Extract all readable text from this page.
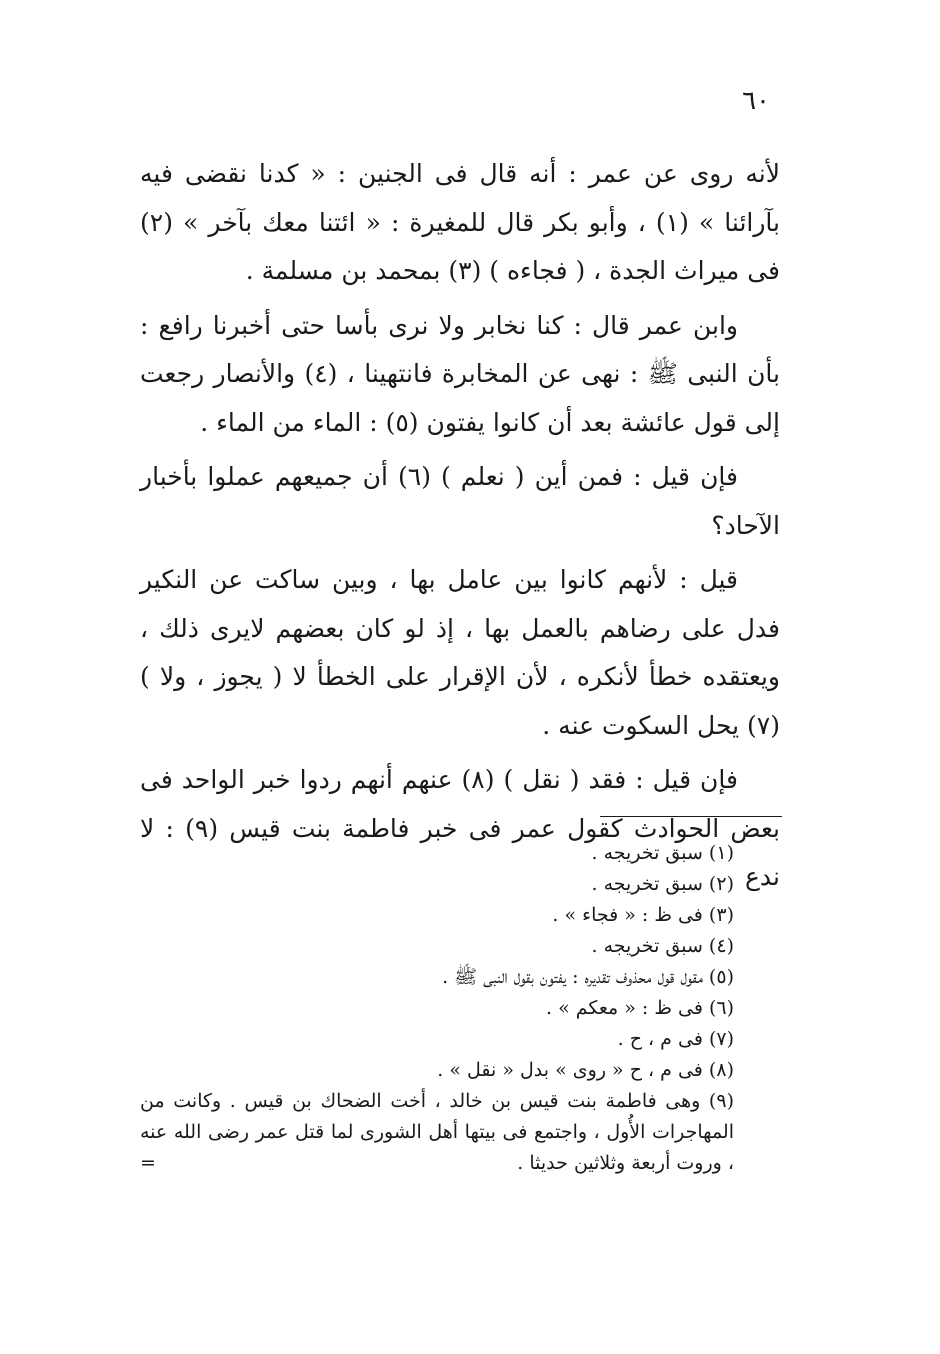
٦٠

لأنه روى عن عمر : أنه قال فى الجنين : « كدنا نقضى فيه بآرائنا » (١) ، وأبو بكر قال للمغيرة : « ائتنا معك بآخر » (٢) فى ميراث الجدة ، ( فجاءه ) (٣) بمحمد بن مسلمة .

وابن عمر قال : كنا نخابر ولا نرى بأسا حتى أخبرنا رافع : بأن النبى ﷺ : نهى عن المخابرة فانتهينا ، (٤) والأنصار رجعت إلى قول عائشة بعد أن كانوا يفتون (٥) : الماء من الماء .

فإن قيل : فمن أين ( نعلم ) (٦) أن جميعهم عملوا بأخبار الآحاد؟

قيل : لأنهم كانوا بين عامل بها ، وبين ساكت عن النكير فدل على رضاهم بالعمل بها ، إذ لو كان بعضهم لايرى ذلك ، ويعتقده خطأ لأنكره ، لأن الإقرار على الخطأ لا ( يجوز ، ولا ) (٧) يحل السكوت عنه .

فإن قيل : فقد ( نقل ) (٨) عنهم أنهم ردوا خبر الواحد فى بعض الحوادث كقول عمر فى خبر فاطمة بنت قيس (٩) : لا ندع

(١) سبق تخريجه .
(٢) سبق تخريجه .
(٣) فى ظ : « فجاء » .
(٤) سبق تخريجه .
(٥) مقول قول محذوف تقديره : يفتون بقول النبى ﷺ .
(٦) فى ظ : « معكم » .
(٧) فى م ، ح .
(٨) فى م ، ح « روى » بدل « نقل » .
(٩) وهى فاطمة بنت قيس بن خالد ، أخت الضحاك بن قيس . وكانت من المهاجرات الأُول ، واجتمع فى بيتها أهل الشورى لما قتل عمر رضى الله عنه ، وروت أربعة وثلاثين حديثا .
=
